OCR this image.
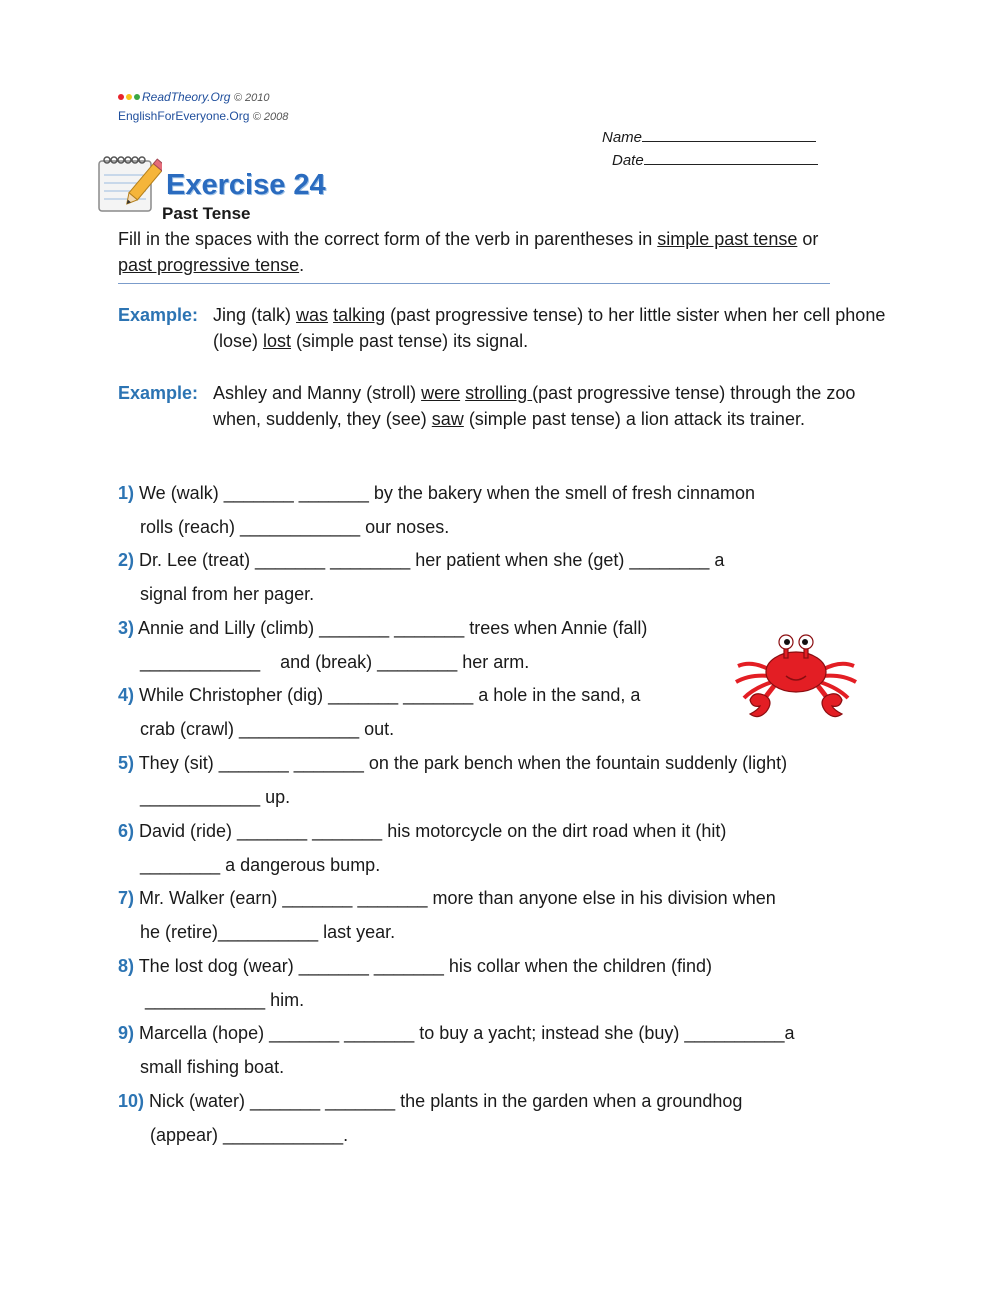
ReadTheory.Org © 2010
EnglishForEveryone.Org © 2008
Name
Date
Exercise 24
Past Tense
Fill in the spaces with the correct form of the verb in parentheses in simple past tense or past progressive tense.
Example: Jing (talk) was talking (past progressive tense) to her little sister when her cell phone (lose) lost (simple past tense) its signal.
Example: Ashley and Manny (stroll) were strolling (past progressive tense) through the zoo when, suddenly, they (see) saw (simple past tense) a lion attack its trainer.
1) We (walk) _______ _______ by the bakery when the smell of fresh cinnamon
rolls (reach) ____________ our noses.
2) Dr. Lee (treat) _______ ________ her patient when she (get) ________ a
signal from her pager.
3) Annie and Lilly (climb) _______ _______ trees when Annie (fall)
____________    and (break) ________ her arm.
4) While Christopher (dig) _______ _______ a hole in the sand, a
crab (crawl) ____________ out.
5) They (sit) _______ _______ on the park bench when the fountain suddenly (light)
____________ up.
6) David (ride) _______ _______ his motorcycle on the dirt road when it (hit)
________ a dangerous bump.
7) Mr. Walker (earn) _______ _______ more than anyone else in his division when
he (retire)__________ last year.
8) The lost dog (wear) _______ _______ his collar when the children (find)
____________ him.
9) Marcella (hope) _______ _______ to buy a yacht; instead she (buy) __________a
small fishing boat.
10) Nick (water) _______ _______ the plants in the garden when a groundhog
(appear) ____________.
